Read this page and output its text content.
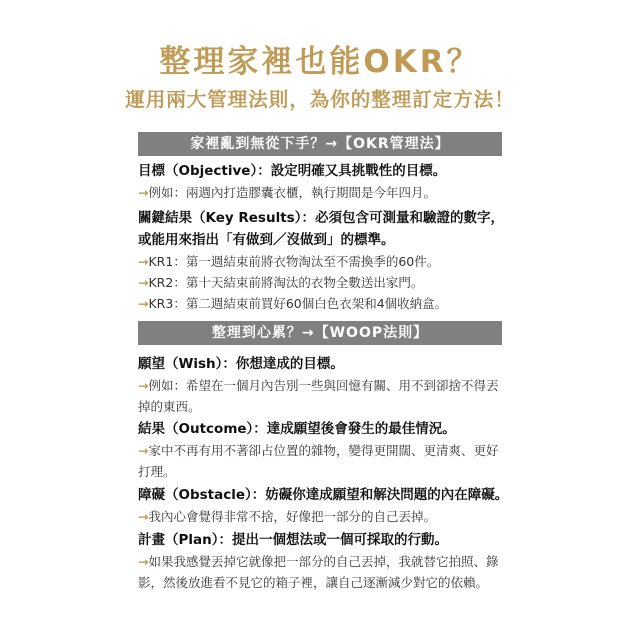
整理家裡也能OKR？
運用兩大管理法則，為你的整理訂定方法！
家裡亂到無從下手？→【OKR管理法】
目標（Objective）：設定明確又具挑戰性的目標。
→例如：兩週內打造膠囊衣櫃，執行期間是今年四月。
關鍵結果（Key Results）：必須包含可測量和驗證的數字，或能用來指出「有做到／沒做到」的標準。
→KR1：第一週結束前將衣物淘汰至不需換季的60件。
→KR2：第十天結束前將淘汰的衣物全數送出家門。
→KR3：第二週結束前買好60個白色衣架和4個收納盒。
整理到心累？→【WOOP法則】
願望（Wish）：你想達成的目標。
→例如：希望在一個月內告別一些與回憶有關、用不到卻捨不得丟掉的東西。
結果（Outcome）：達成願望後會發生的最佳情況。
→家中不再有用不著卻占位置的雜物，變得更開闊、更清爽、更好打理。
障礙（Obstacle）：妨礙你達成願望和解決問題的內在障礙。
→我內心會覺得非常不捨，好像把一部分的自己丟掉。
計畫（Plan）：提出一個想法或一個可採取的行動。
→如果我感覺丟掉它就像把一部分的自己丟掉，我就替它拍照、錄影，然後放進看不見它的箱子裡，讓自己逐漸減少對它的依賴。
